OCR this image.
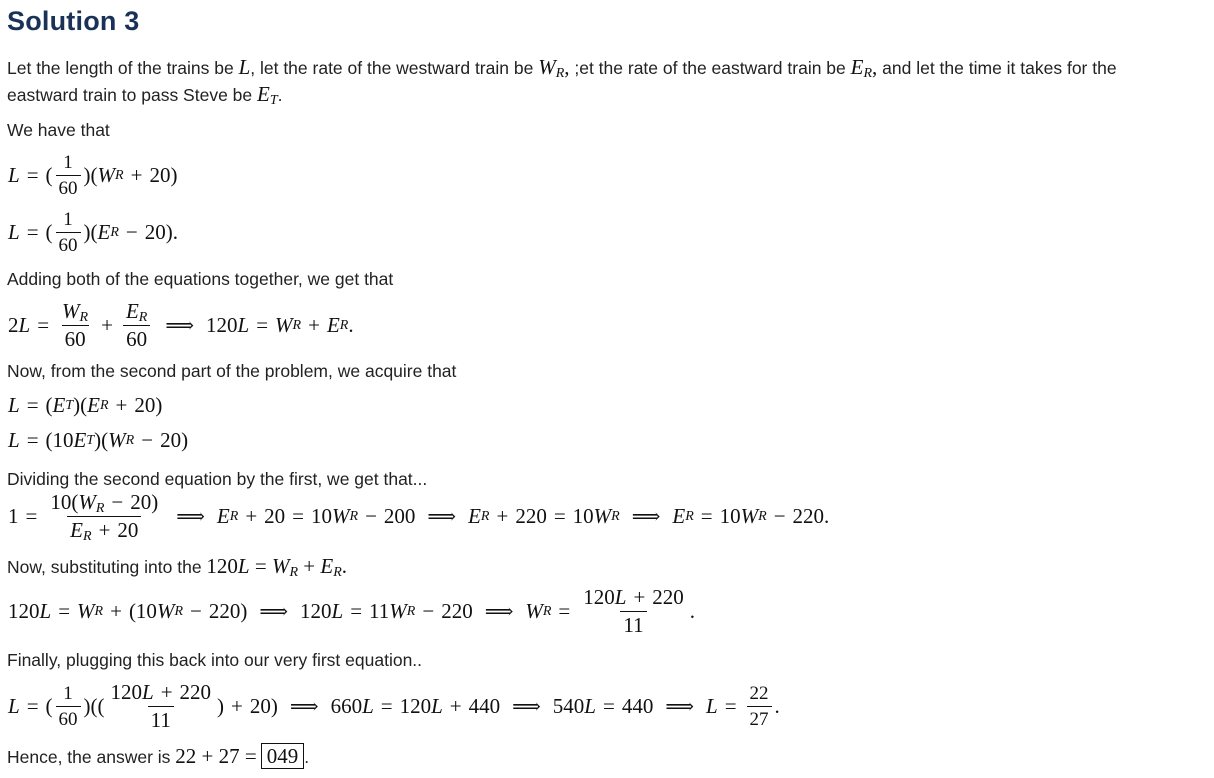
Solution 3
Let the length of the trains be L, let the rate of the westward train be $W_R$, ;et the rate of the eastward train be $E_R$, and let the time it takes for the
eastward train to pass Steve be $E_T$.
We have that
L = ( $\frac{1}{60}$ )( W R + 20)
L = ( $\frac{1}{60}$ )( E R − 20).
Adding both of the equations together, we get that
2 $L = \frac{W_R}{60} + \frac{E_R}{60}$ ⟹ 120 L = W R + E R .
Now, from the second part of the problem, we acquire that
L = ( E T )( E R + 20)
L = (10 E T )( W R − 20)
Dividing the second equation by the first, we get that...
$1 = \frac{10(W_R - 20)}{E_R + 20}$ ⟹ E R + 20 = 10 W R − 200 ⟹ E R + 220 = 10 W R ⟹ E R = 10 W R − 220.
Now, substituting into the $120L = W_R + E_R$.
120 L = W R + (10 W R − 220) ⟹ 120 L = 11 W R − 220 ⟹ W $R = \frac{120L + 220}{11}$ .
Finally, plugging this back into our very first equation..
L = ( $\frac{1}{60}$ )(( $\frac{120L + 220}{11}$ ) + 20) ⟹ 660 L = 120 L + 440 ⟹ 540 L = 440 ⟹ $L = \frac{22}{27}$ .
Hence, the answer is 22 + 27 = 049 .
